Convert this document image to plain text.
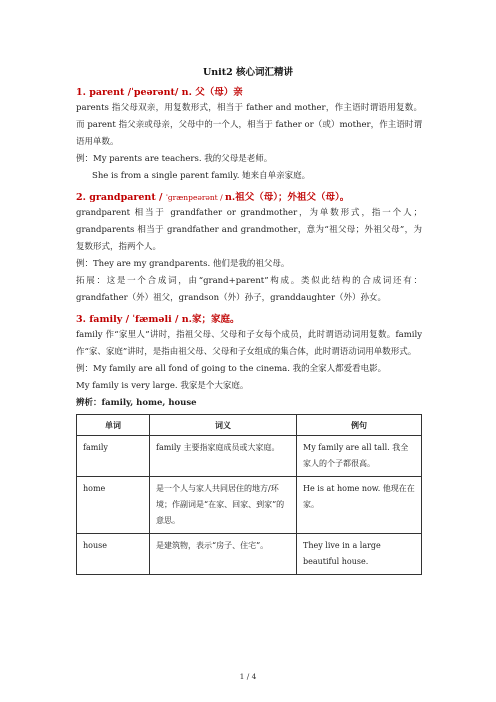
Unit2 核心词汇精讲
1. parent /ˈpeərənt/ n. 父（母）亲
parents 指父母双亲，用复数形式，相当于 father and mother，作主语时谓语用复数。而 parent 指父亲或母亲，父母中的一个人，相当于 father or（或）mother，作主语时谓语用单数。
例：My parents are teachers. 我的父母是老师。
She is from a single parent family. 她来自单亲家庭。
2. grandparent / ˈɡrænpeərənt / n.祖父（母）；外祖父（母）。
grandparent 相当于 grandfather or grandmother，为单数形式，指一个人；grandparents 相当于 grandfather and grandmother，意为“祖父母；外祖父母”，为复数形式，指两个人。
例：They are my grandparents. 他们是我的祖父母。
拓展：这是一个合成词，由“grand+parent”构成。类似此结构的合成词还有：grandfather（外）祖父，grandson（外）孙子，granddaughter（外）孙女。
3. family / ˈfæməli / n.家；家庭。
family 作“家里人”讲时，指祖父母、父母和子女每个成员，此时谓语动词用复数。family 作“家、家庭”讲时，是指由祖父母、父母和子女组成的集合体，此时谓语动词用单数形式。
例：My family are all fond of going to the cinema. 我的全家人都爱看电影。
My family is very large. 我家是个大家庭。
辨析：family, home, house
单词	词义	例句
family	family 主要指家庭成员或大家庭。	My family are all tall. 我全家人的个子都很高。
home	是一个人与家人共同居住的地方/环境；作副词是“在家、回家、到家”的意思。	He is at home now. 他现在在家。
house	是建筑物，表示“房子、住宅”。	They live in a large beautiful house.
1 / 4
